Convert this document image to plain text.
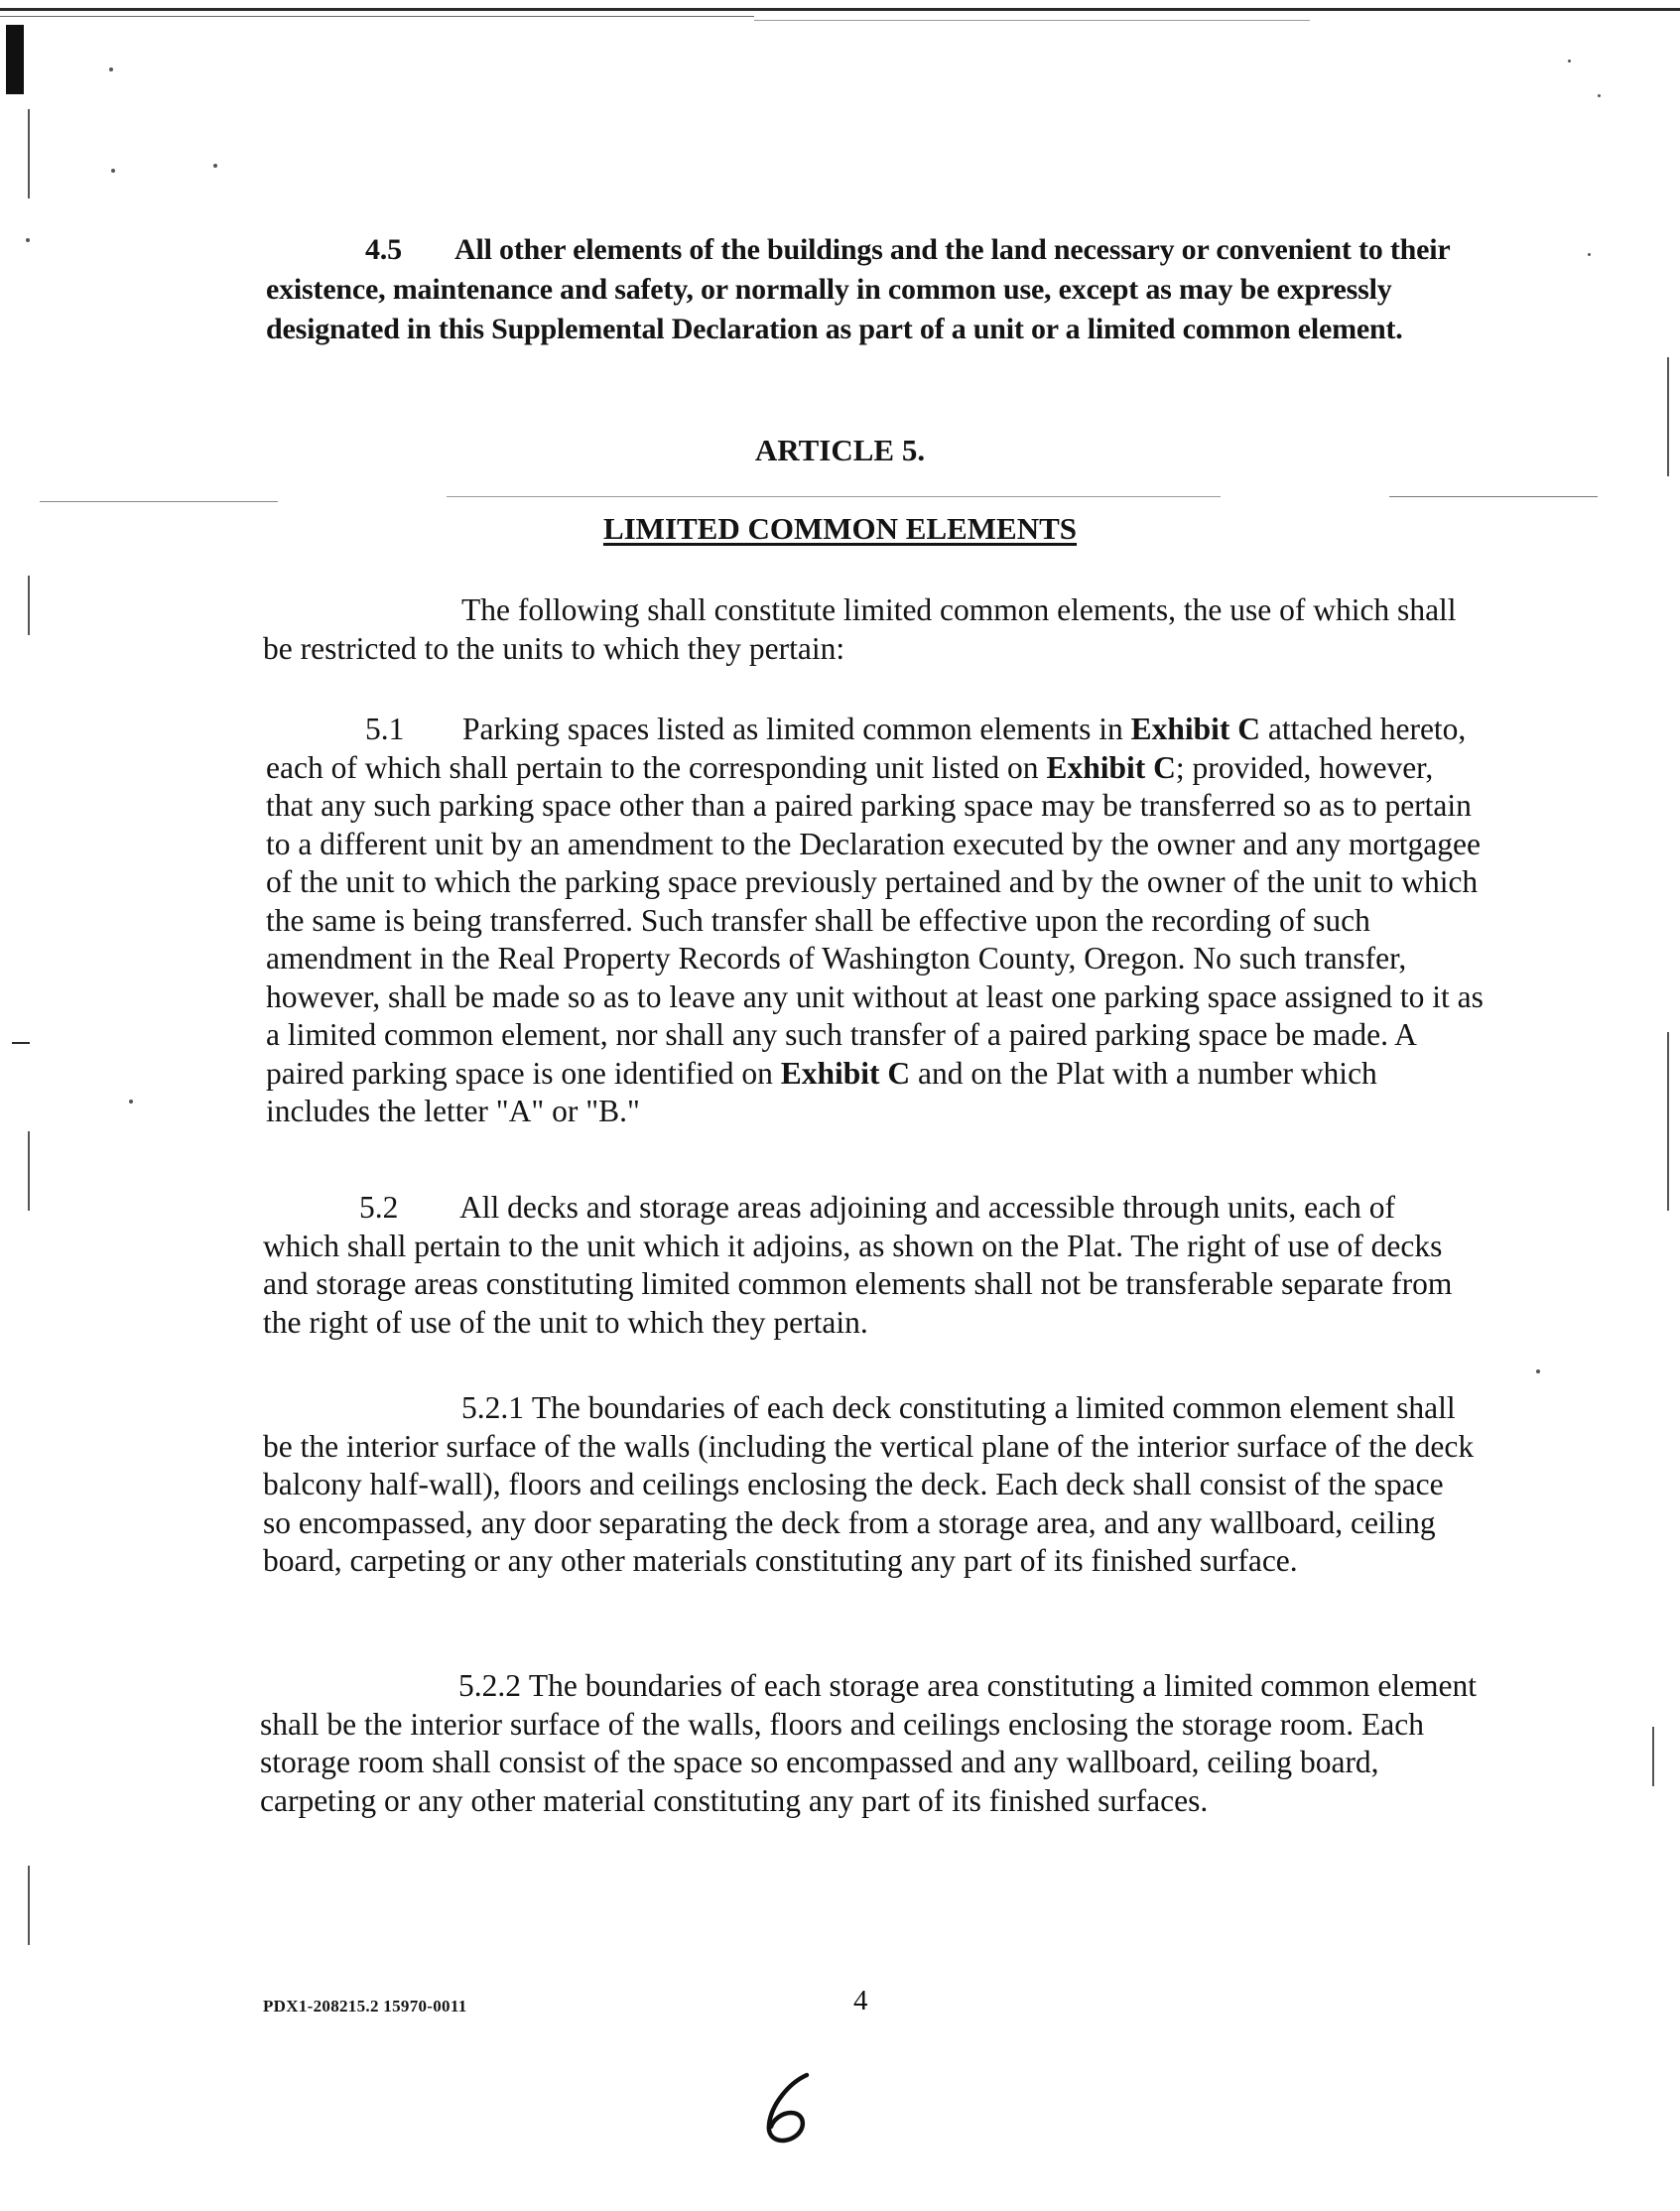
4.5 All other elements of the buildings and the land necessary or convenient to their existence, maintenance and safety, or normally in common use, except as may be expressly designated in this Supplemental Declaration as part of a unit or a limited common element.

ARTICLE 5.
LIMITED COMMON ELEMENTS

The following shall constitute limited common elements, the use of which shall be restricted to the units to which they pertain:

5.1 Parking spaces listed as limited common elements in Exhibit C attached hereto, each of which shall pertain to the corresponding unit listed on Exhibit C; provided, however, that any such parking space other than a paired parking space may be transferred so as to pertain to a different unit by an amendment to the Declaration executed by the owner and any mortgagee of the unit to which the parking space previously pertained and by the owner of the unit to which the same is being transferred. Such transfer shall be effective upon the recording of such amendment in the Real Property Records of Washington County, Oregon. No such transfer, however, shall be made so as to leave any unit without at least one parking space assigned to it as a limited common element, nor shall any such transfer of a paired parking space be made. A paired parking space is one identified on Exhibit C and on the Plat with a number which includes the letter "A" or "B."

5.2 All decks and storage areas adjoining and accessible through units, each of which shall pertain to the unit which it adjoins, as shown on the Plat. The right of use of decks and storage areas constituting limited common elements shall not be transferable separate from the right of use of the unit to which they pertain.

5.2.1 The boundaries of each deck constituting a limited common element shall be the interior surface of the walls (including the vertical plane of the interior surface of the deck balcony half-wall), floors and ceilings enclosing the deck. Each deck shall consist of the space so encompassed, any door separating the deck from a storage area, and any wallboard, ceiling board, carpeting or any other materials constituting any part of its finished surface.

5.2.2 The boundaries of each storage area constituting a limited common element shall be the interior surface of the walls, floors and ceilings enclosing the storage room. Each storage room shall consist of the space so encompassed and any wallboard, ceiling board, carpeting or any other material constituting any part of its finished surfaces.

PDX1-208215.2 15970-0011	4
